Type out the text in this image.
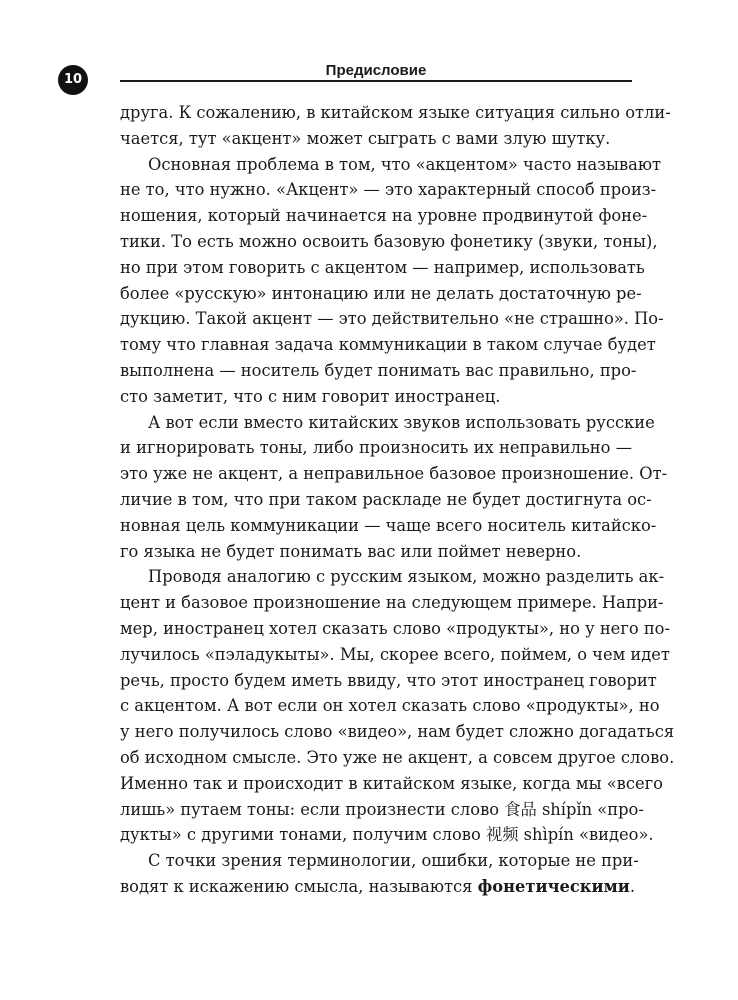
10
Предисловие
друга. К сожалению, в китайском языке ситуация сильно отли-
чается, тут «акцент» может сыграть с вами злую шутку.
Основная проблема в том, что «акцентом» часто называют
не то, что нужно. «Акцент» — это характерный способ произ-
ношения, который начинается на уровне продвинутой фоне-
тики. То есть можно освоить базовую фонетику (звуки, тоны),
но при этом говорить с акцентом — например, использовать
более «русскую» интонацию или не делать достаточную ре-
дукцию. Такой акцент — это действительно «не страшно». По-
тому что главная задача коммуникации в таком случае будет
выполнена — носитель будет понимать вас правильно, про-
сто заметит, что с ним говорит иностранец.
А вот если вместо китайских звуков использовать русские
и игнорировать тоны, либо произносить их неправильно —
это уже не акцент, а неправильное базовое произношение. От-
личие в том, что при таком раскладе не будет достигнута ос-
новная цель коммуникации — чаще всего носитель китайско-
го языка не будет понимать вас или поймет неверно.
Проводя аналогию с русским языком, можно разделить ак-
цент и базовое произношение на следующем примере. Напри-
мер, иностранец хотел сказать слово «продукты», но у него по-
лучилось «пэладукыты». Мы, скорее всего, поймем, о чем идет
речь, просто будем иметь ввиду, что этот иностранец говорит
с акцентом. А вот если он хотел сказать слово «продукты», но
у него получилось слово «видео», нам будет сложно догадаться
об исходном смысле. Это уже не акцент, а совсем другое слово.
Именно так и происходит в китайском языке, когда мы «всего
лишь» путаем тоны: если произнести слово 食品 shípǐn «про-
дукты» с другими тонами, получим слово 视频 shìpín «видео».
С точки зрения терминологии, ошибки, которые не при-
водят к искажению смысла, называются фонетическими.
